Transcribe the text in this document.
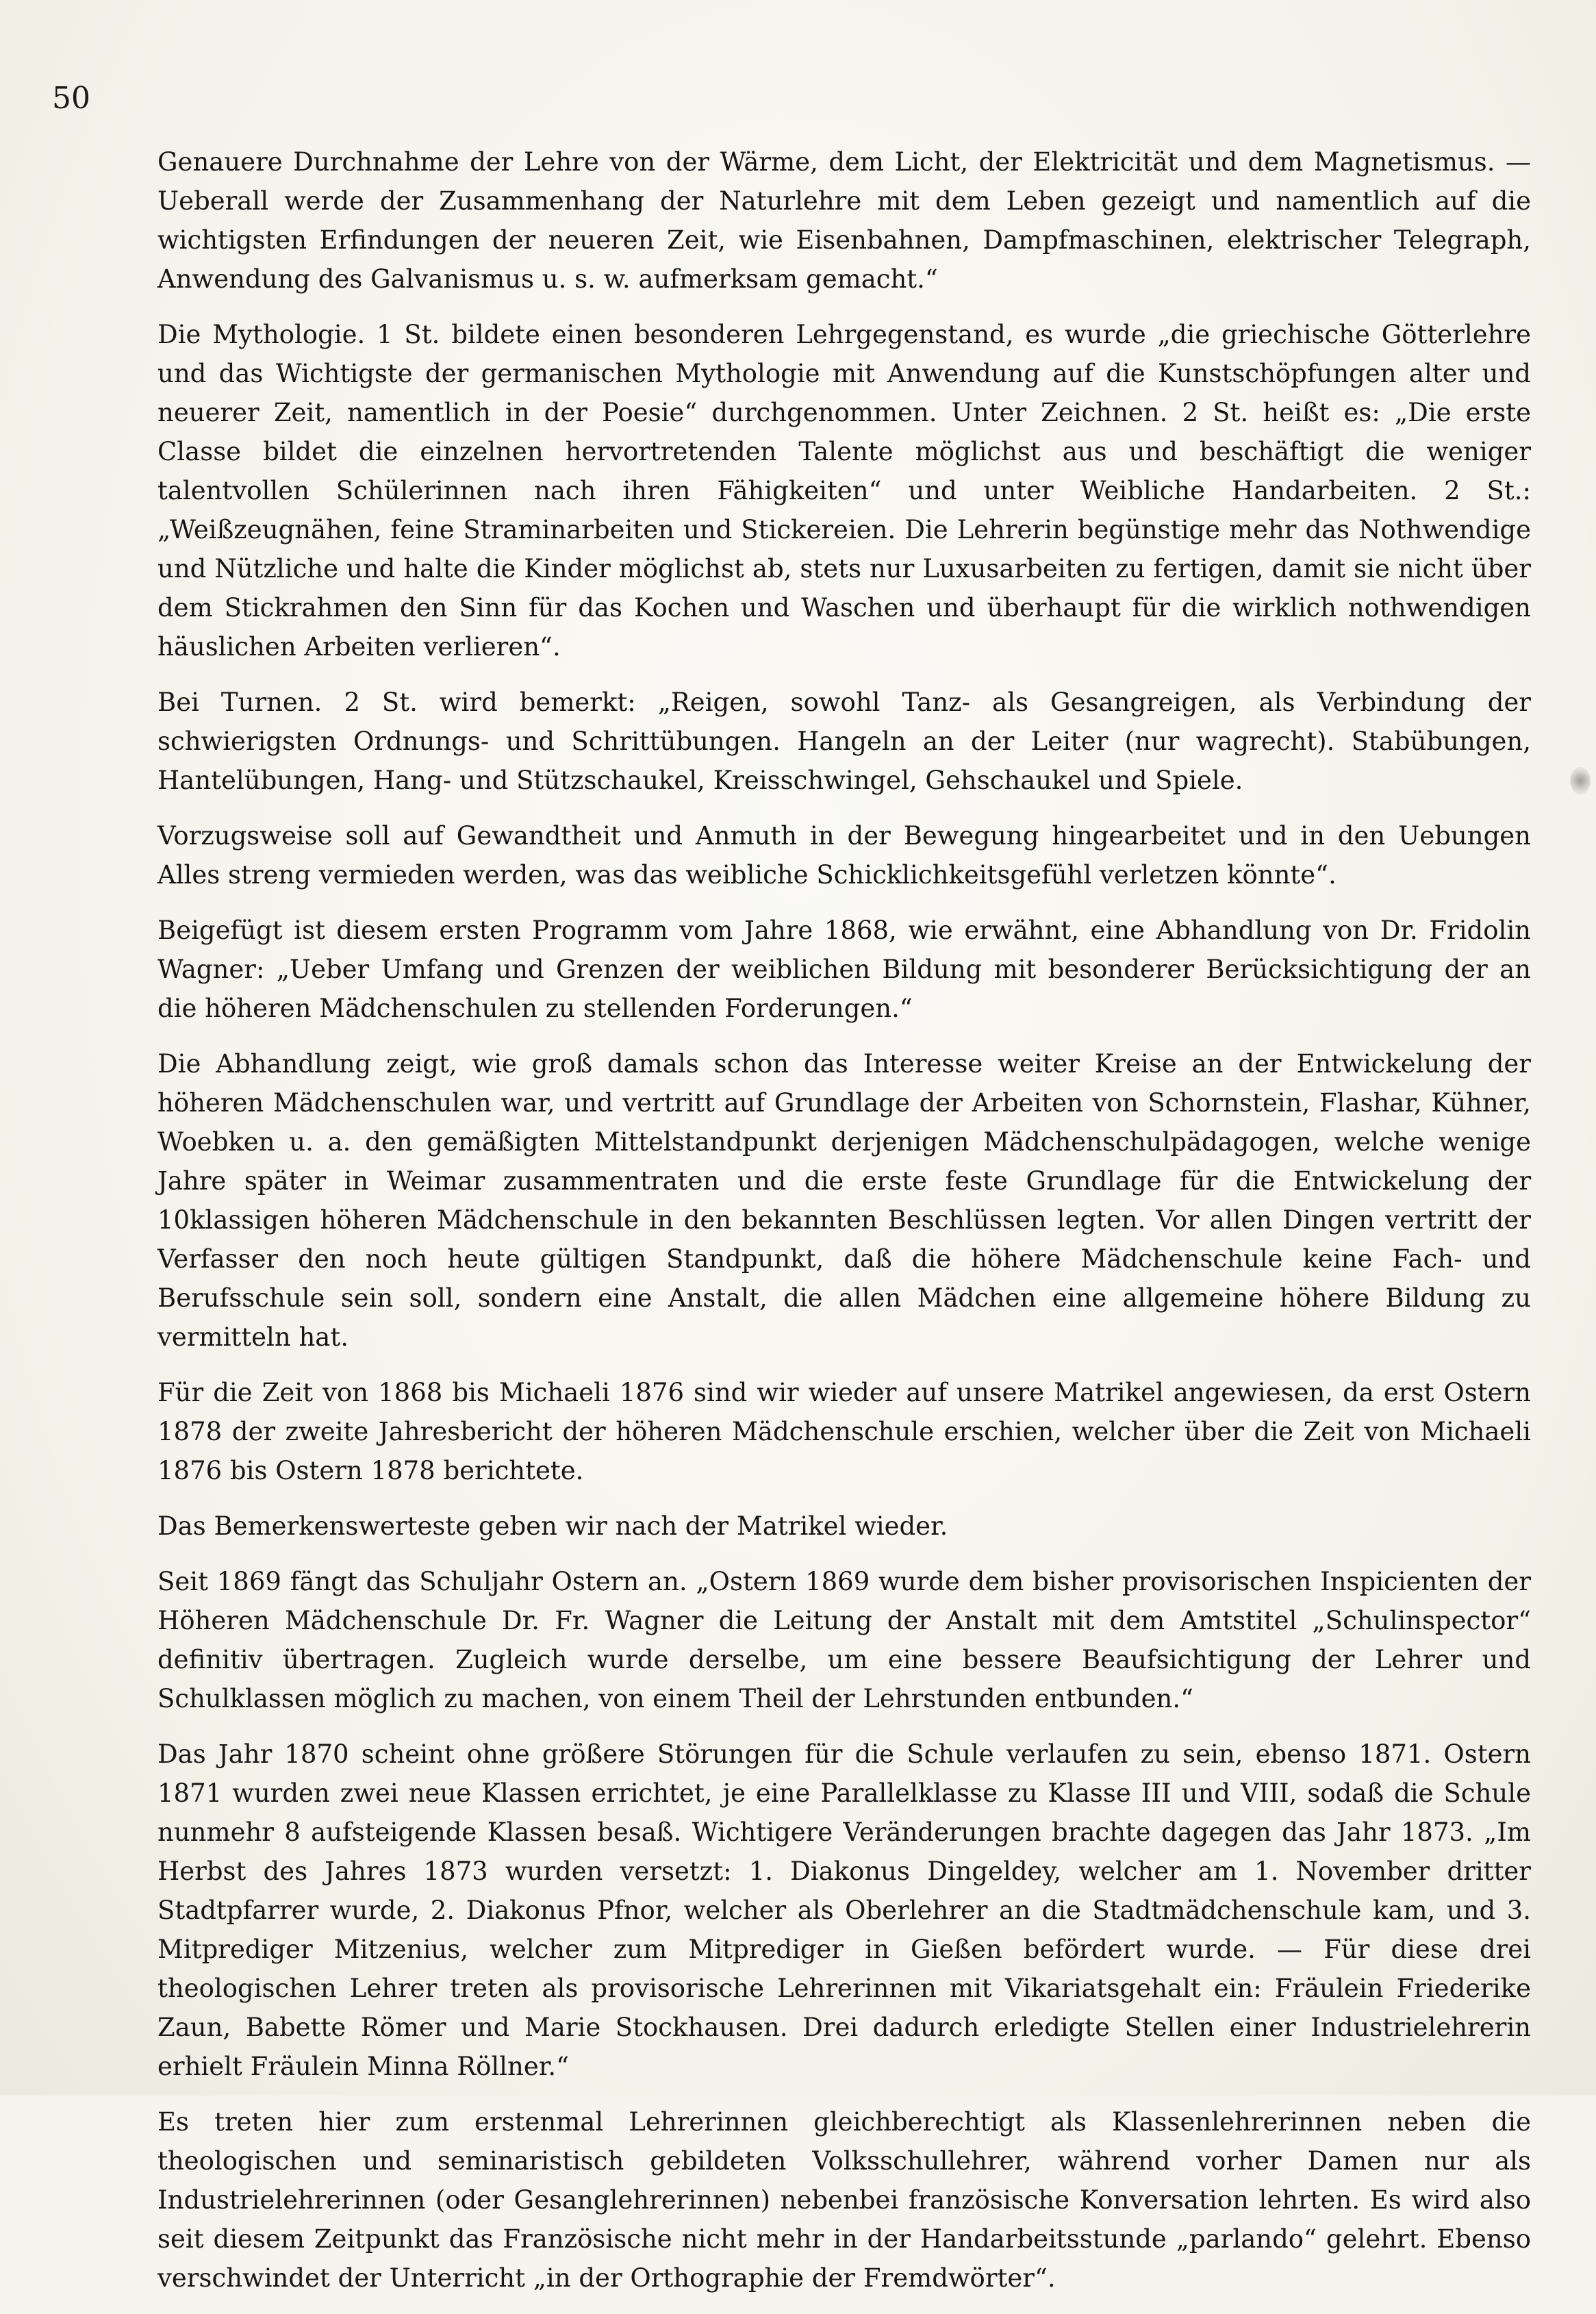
50

Genauere Durchnahme der Lehre von der Wärme, dem Licht, der Elektricität und dem Magnetismus. — Ueberall werde der Zusammenhang der Naturlehre mit dem Leben gezeigt und namentlich auf die wichtigsten Erfindungen der neueren Zeit, wie Eisenbahnen, Dampfmaschinen, elektrischer Telegraph, Anwendung des Galvanismus u. s. w. aufmerksam gemacht.“

Die Mythologie. 1 St. bildete einen besonderen Lehrgegenstand, es wurde „die griechische Götterlehre und das Wichtigste der germanischen Mythologie mit Anwendung auf die Kunstschöpfungen alter und neuerer Zeit, namentlich in der Poesie“ durchgenommen. Unter Zeichnen. 2 St. heißt es: „Die erste Classe bildet die einzelnen hervortretenden Talente möglichst aus und beschäftigt die weniger talentvollen Schülerinnen nach ihren Fähigkeiten“ und unter Weibliche Handarbeiten. 2 St.: „Weißzeugnähen, feine Straminarbeiten und Stickereien. Die Lehrerin begünstige mehr das Nothwendige und Nützliche und halte die Kinder möglichst ab, stets nur Luxusarbeiten zu fertigen, damit sie nicht über dem Stickrahmen den Sinn für das Kochen und Waschen und überhaupt für die wirklich nothwendigen häuslichen Arbeiten verlieren“.

Bei Turnen. 2 St. wird bemerkt: „Reigen, sowohl Tanz- als Gesangreigen, als Verbindung der schwierigsten Ordnungs- und Schrittübungen. Hangeln an der Leiter (nur wagrecht). Stabübungen, Hantelübungen, Hang- und Stützschaukel, Kreisschwingel, Gehschaukel und Spiele.

Vorzugsweise soll auf Gewandtheit und Anmuth in der Bewegung hingearbeitet und in den Uebungen Alles streng vermieden werden, was das weibliche Schicklichkeitsgefühl verletzen könnte“.

Beigefügt ist diesem ersten Programm vom Jahre 1868, wie erwähnt, eine Abhandlung von Dr. Fridolin Wagner: „Ueber Umfang und Grenzen der weiblichen Bildung mit besonderer Berücksichtigung der an die höheren Mädchenschulen zu stellenden Forderungen.“

Die Abhandlung zeigt, wie groß damals schon das Interesse weiter Kreise an der Entwickelung der höheren Mädchenschulen war, und vertritt auf Grundlage der Arbeiten von Schornstein, Flashar, Kühner, Woebken u. a. den gemäßigten Mittelstandpunkt derjenigen Mädchenschulpädagogen, welche wenige Jahre später in Weimar zusammentraten und die erste feste Grundlage für die Entwickelung der 10klassigen höheren Mädchenschule in den bekannten Beschlüssen legten. Vor allen Dingen vertritt der Verfasser den noch heute gültigen Standpunkt, daß die höhere Mädchenschule keine Fach- und Berufsschule sein soll, sondern eine Anstalt, die allen Mädchen eine allgemeine höhere Bildung zu vermitteln hat.

Für die Zeit von 1868 bis Michaeli 1876 sind wir wieder auf unsere Matrikel angewiesen, da erst Ostern 1878 der zweite Jahresbericht der höheren Mädchenschule erschien, welcher über die Zeit von Michaeli 1876 bis Ostern 1878 berichtete.

Das Bemerkenswerteste geben wir nach der Matrikel wieder.

Seit 1869 fängt das Schuljahr Ostern an. „Ostern 1869 wurde dem bisher provisorischen Inspicienten der Höheren Mädchenschule Dr. Fr. Wagner die Leitung der Anstalt mit dem Amtstitel „Schulinspector“ definitiv übertragen. Zugleich wurde derselbe, um eine bessere Beaufsichtigung der Lehrer und Schulklassen möglich zu machen, von einem Theil der Lehrstunden entbunden.“

Das Jahr 1870 scheint ohne größere Störungen für die Schule verlaufen zu sein, ebenso 1871. Ostern 1871 wurden zwei neue Klassen errichtet, je eine Parallelklasse zu Klasse III und VIII, sodaß die Schule nunmehr 8 aufsteigende Klassen besaß. Wichtigere Veränderungen brachte dagegen das Jahr 1873. „Im Herbst des Jahres 1873 wurden versetzt: 1. Diakonus Dingeldey, welcher am 1. November dritter Stadtpfarrer wurde, 2. Diakonus Pfnor, welcher als Oberlehrer an die Stadtmädchenschule kam, und 3. Mitprediger Mitzenius, welcher zum Mitprediger in Gießen befördert wurde. — Für diese drei theologischen Lehrer treten als provisorische Lehrerinnen mit Vikariatsgehalt ein: Fräulein Friederike Zaun, Babette Römer und Marie Stockhausen. Drei dadurch erledigte Stellen einer Industrielehrerin erhielt Fräulein Minna Röllner.“

Es treten hier zum erstenmal Lehrerinnen gleichberechtigt als Klassenlehrerinnen neben die theologischen und seminaristisch gebildeten Volksschullehrer, während vorher Damen nur als Industrielehrerinnen (oder Gesanglehrerinnen) nebenbei französische Konversation lehrten. Es wird also seit diesem Zeitpunkt das Französische nicht mehr in der Handarbeitsstunde „parlando“ gelehrt. Ebenso verschwindet der Unterricht „in der Orthographie der Fremdwörter“.
